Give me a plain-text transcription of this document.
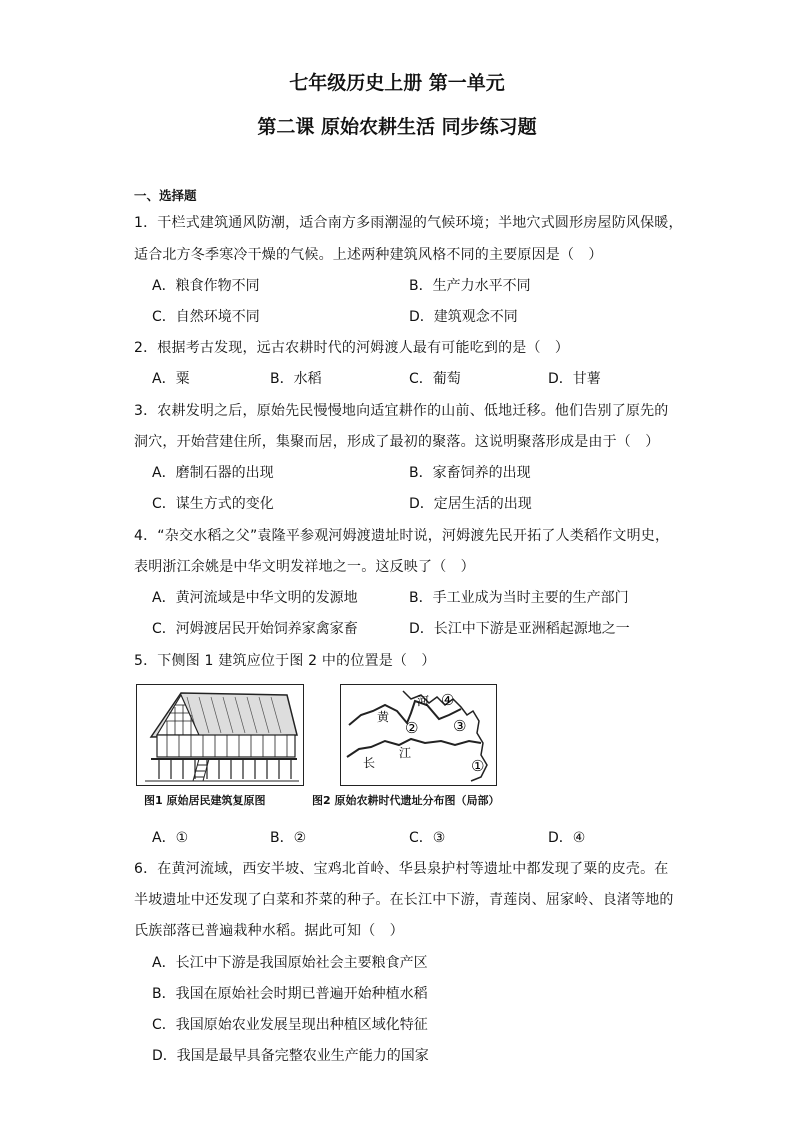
七年级历史上册 第一单元
第二课 原始农耕生活 同步练习题
一、选择题
1．干栏式建筑通风防潮，适合南方多雨潮湿的气候环境；半地穴式圆形房屋防风保暖，
适合北方冬季寒冷干燥的气候。上述两种建筑风格不同的主要原因是（　）
A．粮食作物不同	B．生产力水平不同
C．自然环境不同	D．建筑观念不同
2．根据考古发现，远古农耕时代的河姆渡人最有可能吃到的是（　）
A．粟	B．水稻	C．葡萄	D．甘薯
3．农耕发明之后，原始先民慢慢地向适宜耕作的山前、低地迁移。他们告别了原先的
洞穴，开始营建住所，集聚而居，形成了最初的聚落。这说明聚落形成是由于（　）
A．磨制石器的出现	B．家畜饲养的出现
C．谋生方式的变化	D．定居生活的出现
4．“杂交水稻之父”袁隆平参观河姆渡遗址时说，河姆渡先民开拓了人类稻作文明史，
表明浙江余姚是中华文明发祥地之一。这反映了（　）
A．黄河流域是中华文明的发源地	B．手工业成为当时主要的生产部门
C．河姆渡居民开始饲养家禽家畜	D．长江中下游是亚洲稻起源地之一
5．下侧图 1 建筑应位于图 2 中的位置是（　）
图1 原始居民建筑复原图
黄
河
长
江
①
② ③
④
图2 原始农耕时代遗址分布图（局部）
A．①	B．②	C．③	D．④
6．在黄河流域，西安半坡、宝鸡北首岭、华县泉护村等遗址中都发现了粟的皮壳。在
半坡遗址中还发现了白菜和芥菜的种子。在长江中下游，青莲岗、屈家岭、良渚等地的
氏族部落已普遍栽种水稻。据此可知（　）
A．长江中下游是我国原始社会主要粮食产区
B．我国在原始社会时期已普遍开始种植水稻
C．我国原始农业发展呈现出种植区域化特征
D．我国是最早具备完整农业生产能力的国家
